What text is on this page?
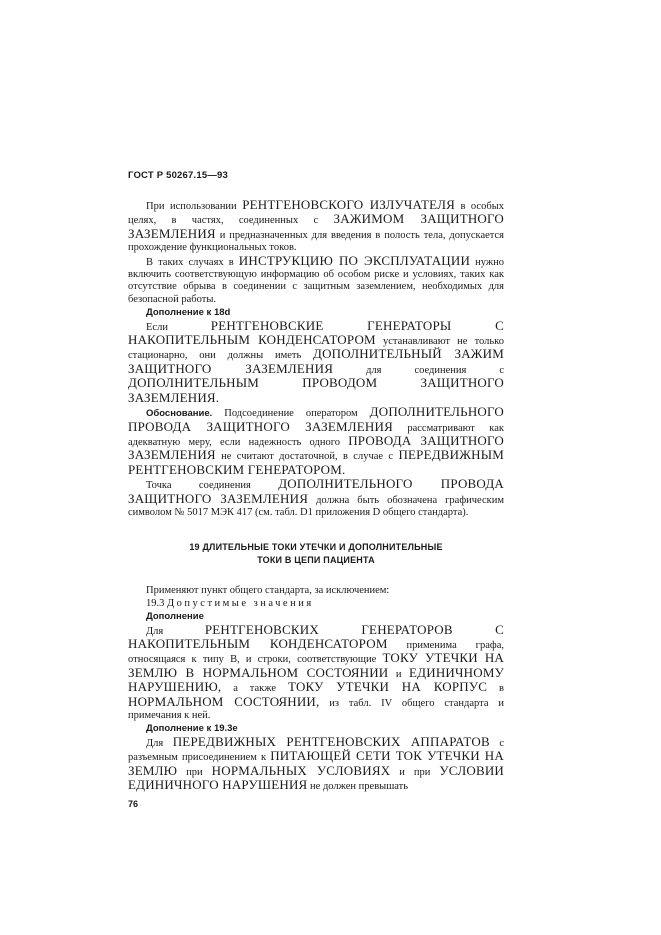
ГОСТ Р 50267.15—93

При использовании РЕНТГЕНОВСКОГО ИЗЛУЧАТЕЛЯ в особых целях, в частях, соединенных с ЗАЖИМОМ ЗАЩИТНОГО ЗАЗЕМЛЕНИЯ и предназначенных для введения в полость тела, допускается прохождение функциональных токов.

В таких случаях в ИНСТРУКЦИЮ ПО ЭКСПЛУАТАЦИИ нужно включить соответствующую информацию об особом риске и условиях, таких как отсутствие обрыва в соединении с защитным заземлением, необходимых для безопасной работы.

Дополнение к 18d

Если РЕНТГЕНОВСКИЕ ГЕНЕРАТОРЫ С НАКОПИТЕЛЬНЫМ КОНДЕНСАТОРОМ устанавливают не только стационарно, они должны иметь ДОПОЛНИТЕЛЬНЫЙ ЗАЖИМ ЗАЩИТНОГО ЗАЗЕМЛЕНИЯ для соединения с ДОПОЛНИТЕЛЬНЫМ ПРОВОДОМ ЗАЩИТНОГО ЗАЗЕМЛЕНИЯ.

Обоснование. Подсоединение оператором ДОПОЛНИТЕЛЬНОГО ПРОВОДА ЗАЩИТНОГО ЗАЗЕМЛЕНИЯ рассматривают как адекватную меру, если надежность одного ПРОВОДА ЗАЩИТНОГО ЗАЗЕМЛЕНИЯ не считают достаточной, в случае с ПЕРЕДВИЖНЫМ РЕНТГЕНОВСКИМ ГЕНЕРАТОРОМ.

Точка соединения ДОПОЛНИТЕЛЬНОГО ПРОВОДА ЗАЩИТНОГО ЗАЗЕМЛЕНИЯ должна быть обозначена графическим символом № 5017 МЭК 417 (см. табл. D1 приложения D общего стандарта).

19 ДЛИТЕЛЬНЫЕ ТОКИ УТЕЧКИ И ДОПОЛНИТЕЛЬНЫЕ
ТОКИ В ЦЕПИ ПАЦИЕНТА

Применяют пункт общего стандарта, за исключением:

19.3 Допустимые значения

Дополнение

Для РЕНТГЕНОВСКИХ ГЕНЕРАТОРОВ С НАКОПИТЕЛЬНЫМ КОНДЕНСАТОРОМ применима графа, относящаяся к типу В, и строки, соответствующие ТОКУ УТЕЧКИ НА ЗЕМЛЮ В НОРМАЛЬНОМ СОСТОЯНИИ и ЕДИНИЧНОМУ НАРУШЕНИЮ, а также ТОКУ УТЕЧКИ НА КОРПУС в НОРМАЛЬНОМ СОСТОЯНИИ, из табл. IV общего стандарта и примечания к ней.

Дополнение к 19.3е

Для ПЕРЕДВИЖНЫХ РЕНТГЕНОВСКИХ АППАРАТОВ с разъемным присоединением к ПИТАЮЩЕЙ СЕТИ ТОК УТЕЧКИ НА ЗЕМЛЮ при НОРМАЛЬНЫХ УСЛОВИЯХ и при УСЛОВИИ ЕДИНИЧНОГО НАРУШЕНИЯ не должен превышать

76
